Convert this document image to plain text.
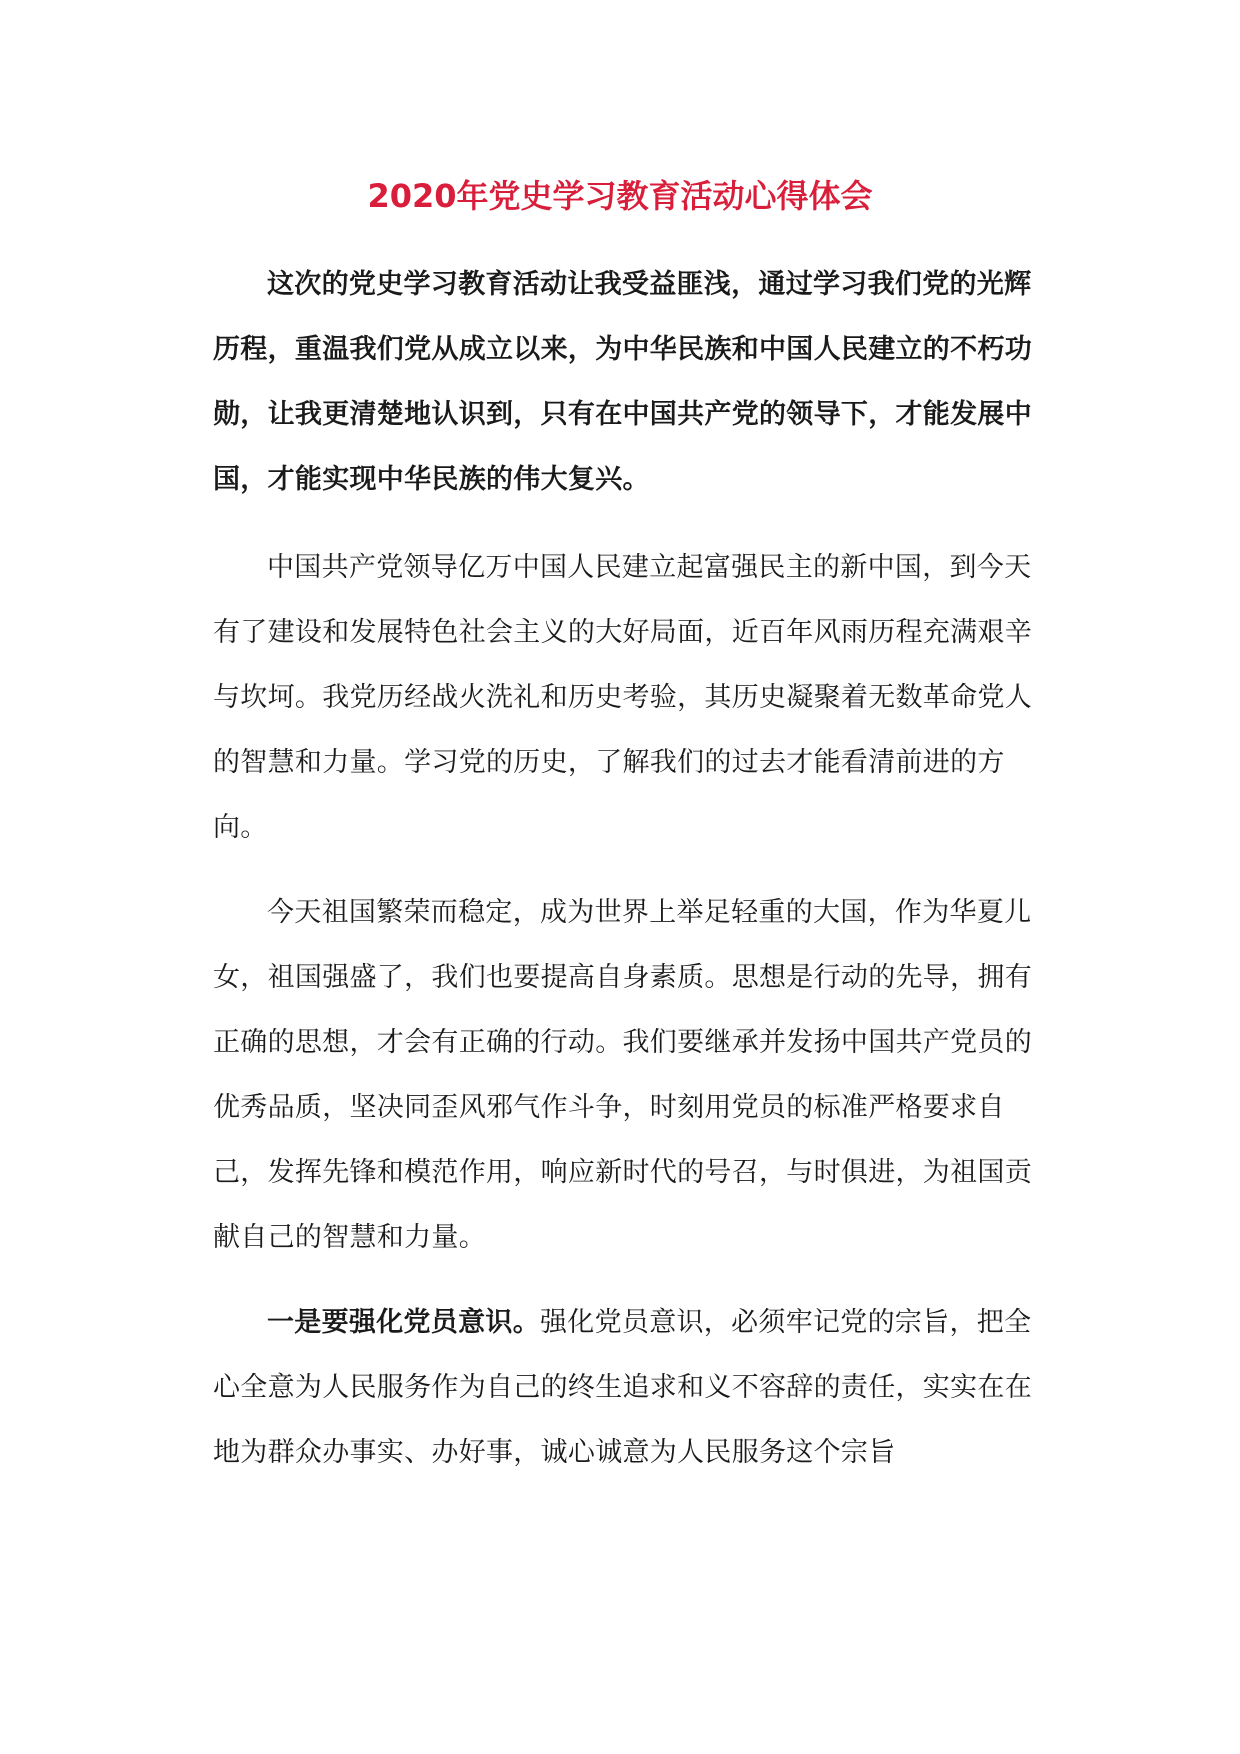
2020年党史学习教育活动心得体会

这次的党史学习教育活动让我受益匪浅，通过学习我们党的光辉历程，重温我们党从成立以来，为中华民族和中国人民建立的不朽功勋，让我更清楚地认识到，只有在中国共产党的领导下，才能发展中国，才能实现中华民族的伟大复兴。

中国共产党领导亿万中国人民建立起富强民主的新中国，到今天有了建设和发展特色社会主义的大好局面，近百年风雨历程充满艰辛与坎坷。我党历经战火洗礼和历史考验，其历史凝聚着无数革命党人的智慧和力量。学习党的历史，了解我们的过去才能看清前进的方向。

今天祖国繁荣而稳定，成为世界上举足轻重的大国，作为华夏儿女，祖国强盛了，我们也要提高自身素质。思想是行动的先导，拥有正确的思想，才会有正确的行动。我们要继承并发扬中国共产党员的优秀品质，坚决同歪风邪气作斗争，时刻用党员的标准严格要求自己，发挥先锋和模范作用，响应新时代的号召，与时俱进，为祖国贡献自己的智慧和力量。

一是要强化党员意识。强化党员意识，必须牢记党的宗旨，把全心全意为人民服务作为自己的终生追求和义不容辞的责任，实实在在地为群众办事实、办好事，诚心诚意为人民服务这个宗旨
